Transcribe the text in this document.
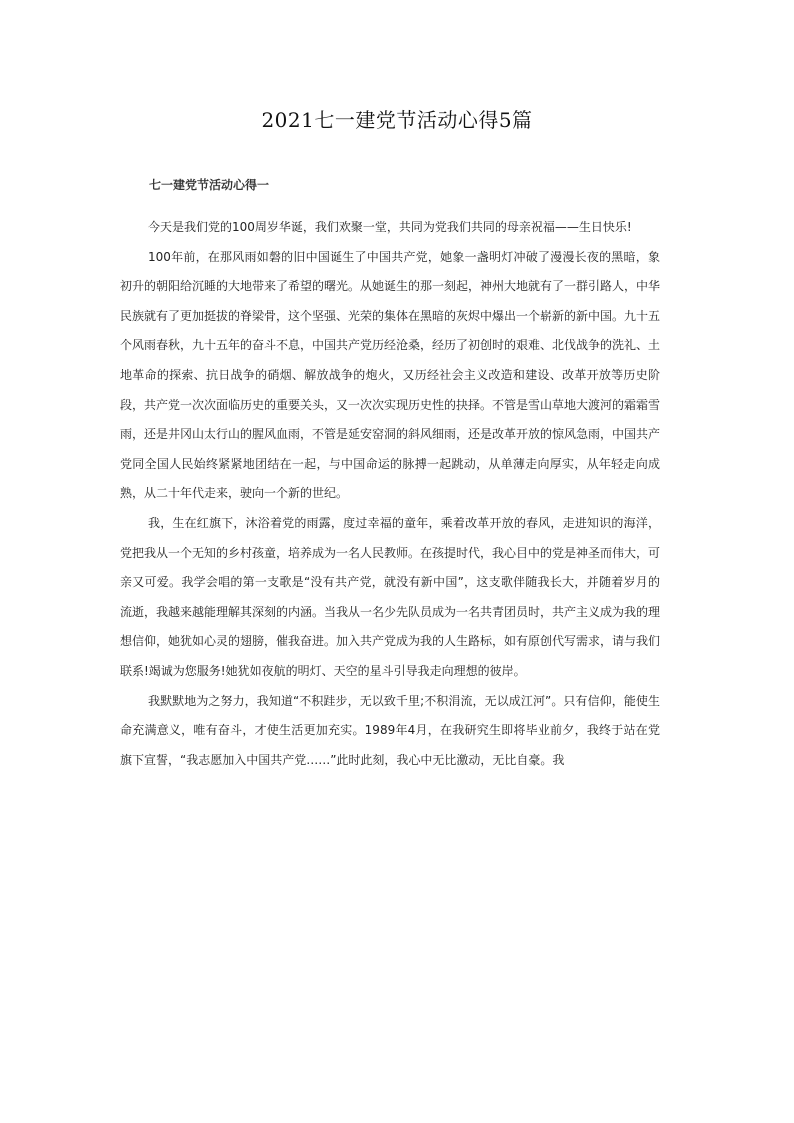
2021七一建党节活动心得5篇
七一建党节活动心得一

今天是我们党的100周岁华诞，我们欢聚一堂，共同为党我们共同的母亲祝福——生日快乐!

100年前，在那风雨如磐的旧中国诞生了中国共产党，她象一盏明灯冲破了漫漫长夜的黑暗，象初升的朝阳给沉睡的大地带来了希望的曙光。从她诞生的那一刻起，神州大地就有了一群引路人，中华民族就有了更加挺拔的脊梁骨，这个坚强、光荣的集体在黑暗的灰烬中爆出一个崭新的新中国。九十五个风雨春秋，九十五年的奋斗不息，中国共产党历经沧桑，经历了初创时的艰难、北伐战争的洗礼、土地革命的探索、抗日战争的硝烟、解放战争的炮火，又历经社会主义改造和建设、改革开放等历史阶段，共产党一次次面临历史的重要关头，又一次次实现历史性的抉择。不管是雪山草地大渡河的霜霜雪雨，还是井冈山太行山的腥风血雨，不管是延安窑洞的斜风细雨，还是改革开放的惊风急雨，中国共产党同全国人民始终紧紧地团结在一起，与中国命运的脉搏一起跳动，从单薄走向厚实，从年轻走向成熟，从二十年代走来，驶向一个新的世纪。

我，生在红旗下，沐浴着党的雨露，度过幸福的童年，乘着改革开放的春风，走进知识的海洋，党把我从一个无知的乡村孩童，培养成为一名人民教师。在孩提时代，我心目中的党是神圣而伟大，可亲又可爱。我学会唱的第一支歌是“没有共产党，就没有新中国”，这支歌伴随我长大，并随着岁月的流逝，我越来越能理解其深刻的内涵。当我从一名少先队员成为一名共青团员时，共产主义成为我的理想信仰，她犹如心灵的翅膀，催我奋进。加入共产党成为我的人生路标，如有原创代写需求，请与我们联系!竭诚为您服务!她犹如夜航的明灯、天空的星斗引导我走向理想的彼岸。

我默默地为之努力，我知道“不积跬步，无以致千里;不积涓流，无以成江河”。只有信仰，能使生命充满意义，唯有奋斗，才使生活更加充实。1989年4月，在我研究生即将毕业前夕，我终于站在党旗下宣誓，“我志愿加入中国共产党……”此时此刻，我心中无比激动，无比自豪。我
